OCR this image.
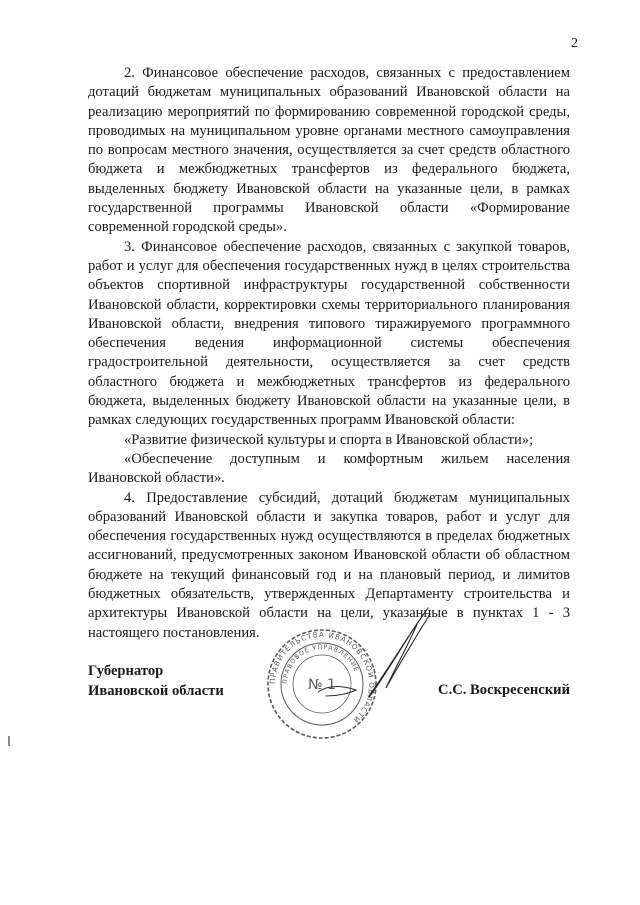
2

2. Финансовое обеспечение расходов, связанных с предоставлением дотаций бюджетам муниципальных образований Ивановской области на реализацию мероприятий по формированию современной городской среды, проводимых на муниципальном уровне органами местного самоуправления по вопросам местного значения, осуществляется за счет средств областного бюджета и межбюджетных трансфертов из федерального бюджета, выделенных бюджету Ивановской области на указанные цели, в рамках государственной программы Ивановской области «Формирование современной городской среды».

3. Финансовое обеспечение расходов, связанных с закупкой товаров, работ и услуг для обеспечения государственных нужд в целях строительства объектов спортивной инфраструктуры государственной собственности Ивановской области, корректировки схемы территориального планирования Ивановской области, внедрения типового тиражируемого программного обеспечения ведения информационной системы обеспечения градостроительной деятельности, осуществляется за счет средств областного бюджета и межбюджетных трансфертов из федерального бюджета, выделенных бюджету Ивановской области на указанные цели, в рамках следующих государственных программ Ивановской области:

«Развитие физической культуры и спорта в Ивановской области»;

«Обеспечение доступным и комфортным жильем населения Ивановской области».

4. Предоставление субсидий, дотаций бюджетам муниципальных образований Ивановской области и закупка товаров, работ и услуг для обеспечения государственных нужд осуществляются в пределах бюджетных ассигнований, предусмотренных законом Ивановской области об областном бюджете на текущий финансовый год и на плановый период, и лимитов бюджетных обязательств, утвержденных Департаменту строительства и архитектуры Ивановской области на цели, указанные в пунктах 1 - 3 настоящего постановления.

ПРАВИТЕЛЬСТВА ИВАНОВСКОЙ ОБЛАСТИ
ПРАВОВОЕ УПРАВЛЕНИЕ
№ 1
Губернатор
Ивановской области	С.С. Воскресенский
